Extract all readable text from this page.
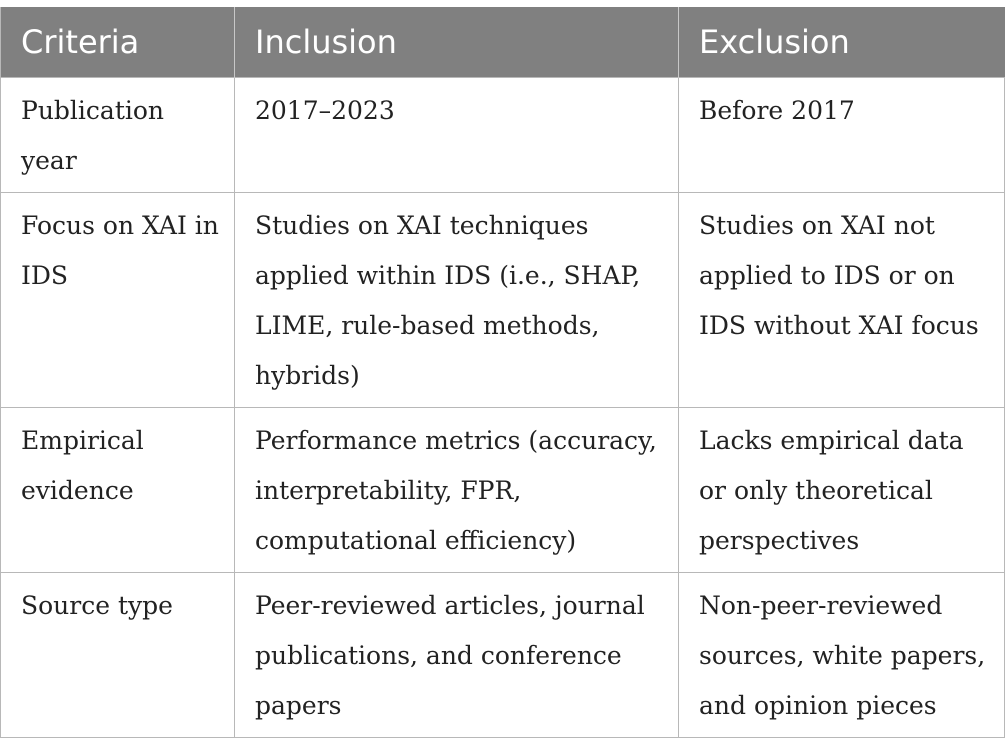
Criteria	Inclusion	Exclusion
Publication year	2017–2023	Before 2017
Focus on XAI in IDS	Studies on XAI techniques applied within IDS (i.e., SHAP, LIME, rule-based methods, hybrids)	Studies on XAI not applied to IDS or on IDS without XAI focus
Empirical evidence	Performance metrics (accuracy, interpretability, FPR, computational efficiency)	Lacks empirical data or only theoretical perspectives
Source type	Peer-reviewed articles, journal publications, and conference papers	Non-peer-reviewed sources, white papers, and opinion pieces
